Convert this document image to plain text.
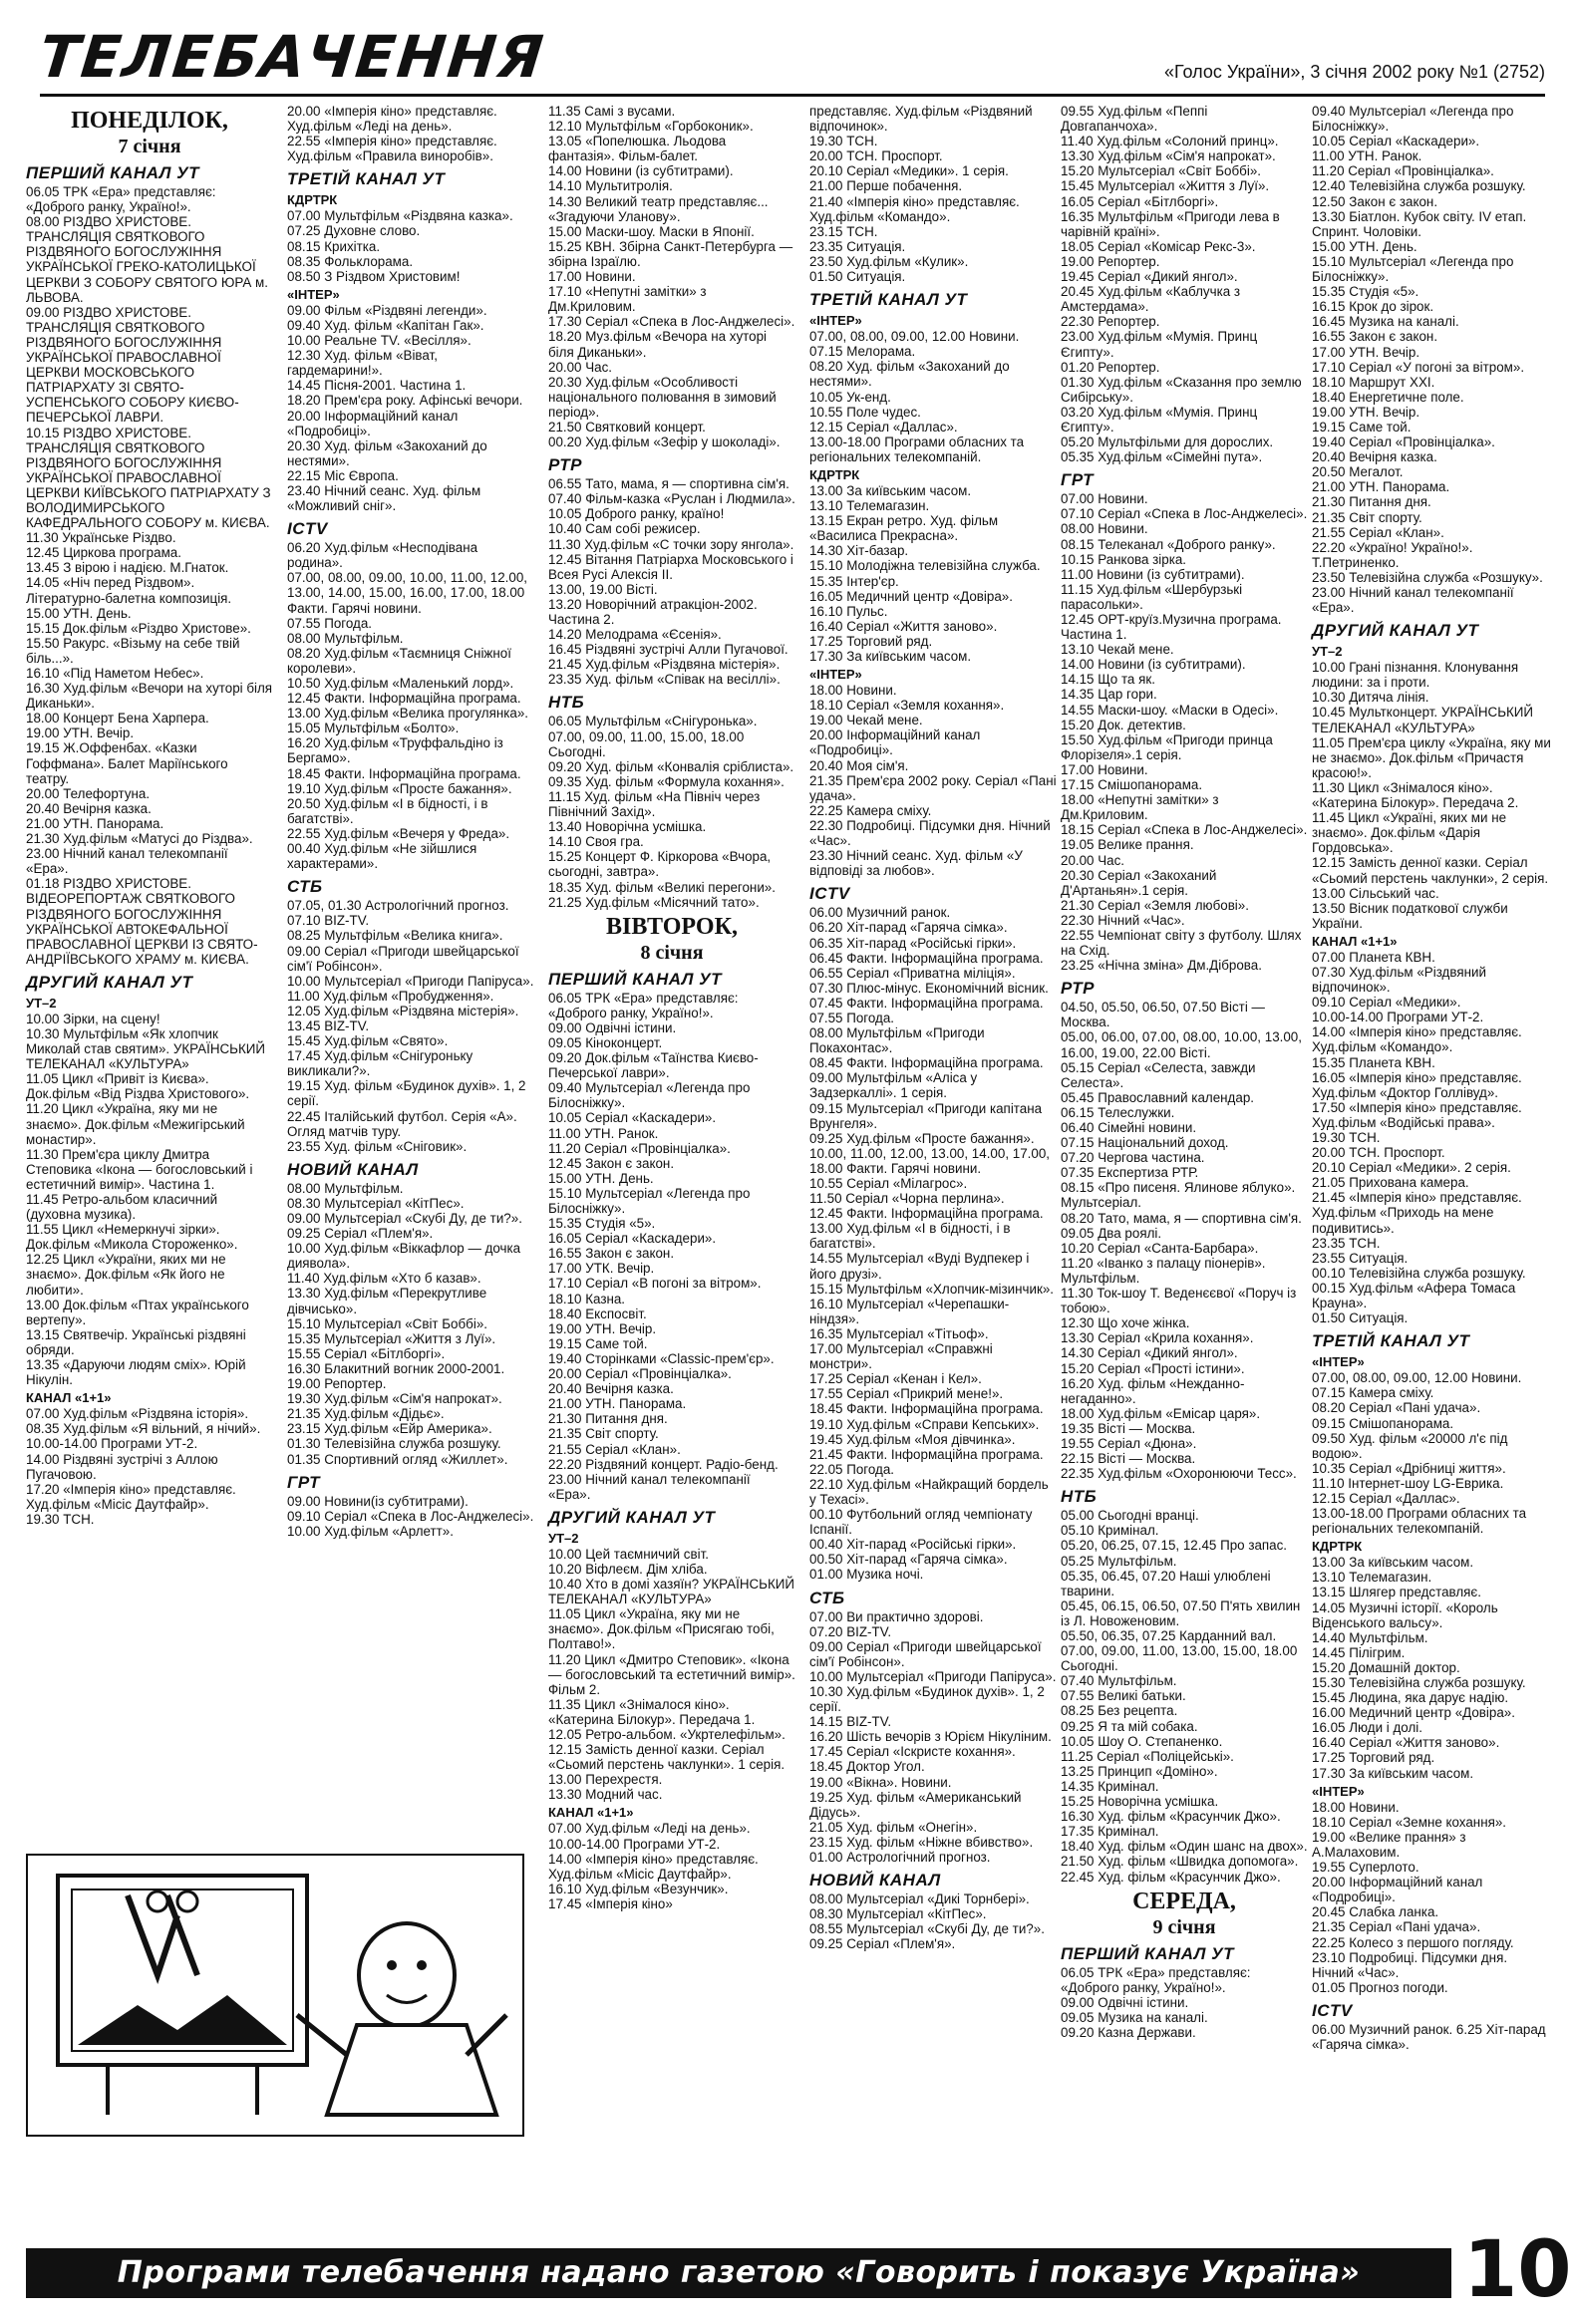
ТЕЛЕБАЧЕННЯ	«Голос України», 3 січня 2002 року №1 (2752)
ПОНЕДІЛОК,
7 січня
ПЕРШИЙ КАНАЛ УТ
06.05 ТРК «Ера» представляє: «Доброго ранку, Україно!».
08.00 РІЗДВО ХРИСТОВЕ. ТРАНСЛЯЦІЯ СВЯТКОВОГО РІЗДВЯНОГО БОГОСЛУЖІННЯ УКРАЇНСЬКОЇ ГРЕКО-КАТОЛИЦЬКОЇ ЦЕРКВИ З СОБОРУ СВЯТОГО ЮРА м. ЛЬВОВА.
09.00 РІЗДВО ХРИСТОВЕ. ТРАНСЛЯЦІЯ СВЯТКОВОГО РІЗДВЯНОГО БОГОСЛУЖІННЯ УКРАЇНСЬКОЇ ПРАВОСЛАВНОЇ ЦЕРКВИ МОСКОВСЬКОГО ПАТРІАРХАТУ ЗІ СВЯТО-УСПЕНСЬКОГО СОБОРУ КИЄВО-ПЕЧЕРСЬКОЇ ЛАВРИ.
10.15 РІЗДВО ХРИСТОВЕ. ТРАНСЛЯЦІЯ СВЯТКОВОГО РІЗДВЯНОГО БОГОСЛУЖІННЯ УКРАЇНСЬКОЇ ПРАВОСЛАВНОЇ ЦЕРКВИ КИЇВСЬКОГО ПАТРІАРХАТУ З ВОЛОДИМИРСЬКОГО КАФЕДРАЛЬНОГО СОБОРУ м. КИЄВА.
11.30 Українське Різдво.
12.45 Циркова програма.
13.45 З вірою і надією. М.Гнаток.
14.05 «Ніч перед Різдвом». Літературно-балетна композиція.
15.00 УТН. День.
15.15 Док.фільм «Різдво Христове».
15.50 Ракурс. «Візьму на себе твій біль...».
16.10 «Під Наметом Небес».
16.30 Худ.фільм «Вечори на хуторі біля Диканьки».
18.00 Концерт Бена Харпера.
19.00 УТН. Вечір.
19.15 Ж.Оффенбах. «Казки Гоффмана». Балет Маріїнського театру.
20.00 Телефортуна.
20.40 Вечірня казка.
21.00 УТН. Панорама.
21.30 Худ.фільм «Матусі до Різдва».
23.00 Нічний канал телекомпанії «Ера».
01.18 РІЗДВО ХРИСТОВЕ. ВІДЕОРЕПОРТАЖ СВЯТКОВОГО РІЗДВЯНОГО БОГОСЛУЖІННЯ УКРАЇНСЬКОЇ АВТОКЕФАЛЬНОЇ ПРАВОСЛАВНОЇ ЦЕРКВИ ІЗ СВЯТО-АНДРІЇВСЬКОГО ХРАМУ м. КИЄВА.
ДРУГИЙ КАНАЛ УТ
УТ–2
10.00 Зірки, на сцену!
10.30 Мультфільм «Як хлопчик Миколай став святим». УКРАЇНСЬКИЙ ТЕЛЕКАНАЛ «КУЛЬТУРА»
11.05 Цикл «Привіт із Києва». Док.фільм «Від Різдва Христового».
11.20 Цикл «Україна, яку ми не знаємо». Док.фільм «Межигірський монастир».
11.30 Прем'єра циклу Дмитра Степовика «Ікона — богословський і естетичний вимір». Частина 1.
11.45 Ретро-альбом класичний (духовна музика).
11.55 Цикл «Немеркнучі зірки». Док.фільм «Микола Стороженко».
12.25 Цикл «України, яких ми не знаємо». Док.фільм «Як його не любити».
13.00 Док.фільм «Птах українського вертепу».
13.15 Святвечір. Українські різдвяні обряди.
13.35 «Даруючи людям сміх». Юрій Нікулін.
КАНАЛ «1+1»
07.00 Худ.фільм «Різдвяна історія».
08.35 Худ.фільм «Я вільний, я нічий».
10.00-14.00 Програми УТ-2.
14.00 Різдвяні зустрічі з Аллою Пугачовою.
17.20 «Імперія кіно» представляє. Худ.фільм «Місіс Даутфайр».
19.30 ТСН.
20.00 «Імперія кіно» представляє. Худ.фільм «Леді на день».
22.55 «Імперія кіно» представляє. Худ.фільм «Правила виноробів».
ТРЕТІЙ КАНАЛ УТ
КДРТРК
07.00 Мультфільм «Різдвяна казка».
07.25 Духовне слово.
08.15 Крихітка.
08.35 Фольклорама.
08.50 З Різдвом Христовим!
«ІНТЕР»
09.00 Фільм «Різдвяні легенди».
09.40 Худ. фільм «Капітан Гак».
10.00 Реальне TV. «Весілля».
12.30 Худ. фільм «Віват, гардемарини!».
14.45 Пісня-2001. Частина 1.
18.20 Прем'єра року. Афінські вечори.
20.00 Інформаційний канал «Подробиці».
20.30 Худ. фільм «Закоханий до нестями».
22.15 Міс Європа.
23.40 Нічний сеанс. Худ. фільм «Можливий сніг».
ICTV
06.20 Худ.фільм «Несподівана родина».
07.00, 08.00, 09.00, 10.00, 11.00, 12.00, 13.00, 14.00, 15.00, 16.00, 17.00, 18.00 Факти. Гарячі новини.
07.55 Погода.
08.00 Мультфільм.
08.20 Худ.фільм «Таємниця Сніжної королеви».
10.50 Худ.фільм «Маленький лорд».
12.45 Факти. Інформаційна програма.
13.00 Худ.фільм «Велика прогулянка».
15.05 Мультфільм «Болто».
16.20 Худ.фільм «Труффальдіно із Бергамо».
18.45 Факти. Інформаційна програма.
19.10 Худ.фільм «Просте бажання».
20.50 Худ.фільм «І в бідності, і в багатстві».
22.55 Худ.фільм «Вечеря у Фреда».
00.40 Худ.фільм «Не зійшлися характерами».
СТБ
07.05, 01.30 Астрологічний прогноз.
07.10 BIZ-TV.
08.25 Мультфільм «Велика книга».
09.00 Серіал «Пригоди швейцарської сім'ї Робінсон».
10.00 Мультсеріал «Пригоди Папіруса».
11.00 Худ.фільм «Пробудження».
12.05 Худ.фільм «Різдвяна містерія».
13.45 BIZ-TV.
15.45 Худ.фільм «Свято».
17.45 Худ.фільм «Снігуроньку викликали?».
19.15 Худ. фільм «Будинок духів». 1, 2 серії.
22.45 Італійський футбол. Серія «А». Огляд матчів туру.
23.55 Худ. фільм «Сніговик».
НОВИЙ КАНАЛ
08.00 Мультфільм.
08.30 Мультсеріал «КітПес».
09.00 Мультсеріал «Скубі Ду, де ти?».
09.25 Серіал «Плем'я».
10.00 Худ.фільм «Віккафлор — дочка диявола».
11.40 Худ.фільм «Хто б казав».
13.30 Худ.фільм «Перекрутливе дівчисько».
15.10 Мультсеріал «Світ Боббі».
15.35 Мультсеріал «Життя з Луї».
15.55 Серіал «Бітлборгі».
16.30 Блакитний вогник 2000-2001.
19.00 Репортер.
19.30 Худ.фільм «Сім'я напрокат».
21.35 Худ.фільм «Дідьє».
23.15 Худ.фільм «Ейр Америка».
01.30 Телевізійна служба розшуку.
01.35 Спортивний огляд «Жиллет».
ГРТ
09.00 Новини(із субтитрами).
09.10 Серіал «Спека в Лос-Анджелесі».
10.00 Худ.фільм «Арлетт».
11.35 Самі з вусами.
12.10 Мультфільм «Горбоконик».
13.05 «Попелюшка. Льодова фантазія». Фільм-балет.
14.00 Новини (із субтитрами).
14.10 Мультитролія.
14.30 Великий театр представляє... «Згадуючи Уланову».
15.00 Маски-шоу. Маски в Японії.
15.25 КВН. Збірна Санкт-Петербурга — збірна Ізраїлю.
17.00 Новини.
17.10 «Непутні замітки» з Дм.Криловим.
17.30 Серіал «Спека в Лос-Анджелесі».
18.20 Муз.фільм «Вечора на хуторі біля Диканьки».
20.00 Час.
20.30 Худ.фільм «Особливості національного полювання в зимовий період».
21.50 Святковий концерт.
00.20 Худ.фільм «Зефір у шоколаді».
РТР
06.55 Тато, мама, я — спортивна сім'я.
07.40 Фільм-казка «Руслан і Людмила».
10.05 Доброго ранку, країно!
10.40 Сам собі режисер.
11.30 Худ.фільм «С точки зору янгола».
12.45 Вітання Патріарха Московського і Всея Русі Алексія II.
13.00, 19.00 Вісті.
13.20 Новорічний атракціон-2002. Частина 2.
14.20 Мелодрама «Єсенія».
16.45 Різдвяні зустрічі Алли Пугачової.
21.45 Худ.фільм «Різдвяна містерія».
23.35 Худ. фільм «Співак на весіллі».
НТБ
06.05 Мультфільм «Снігуронька».
07.00, 09.00, 11.00, 15.00, 18.00 Сьогодні.
09.20 Худ. фільм «Конвалія сріблиста».
09.35 Худ. фільм «Формула кохання».
11.15 Худ. фільм «На Північ через Північний Захід».
13.40 Новорічна усмішка.
14.10 Своя гра.
15.25 Концерт Ф. Кіркорова «Вчора, сьогодні, завтра».
18.35 Худ. фільм «Великі перегони».
21.25 Худ.фільм «Місячний тато».
ВІВТОРОК,
8 січня
ПЕРШИЙ КАНАЛ УТ
06.05 ТРК «Ера» представляє: «Доброго ранку, Україно!».
09.00 Одвічні істини.
09.05 Кіноконцерт.
09.20 Док.фільм «Таїнства Києво-Печерської лаври».
09.40 Мультсеріал «Легенда про Білосніжку».
10.05 Серіал «Каскадери».
11.00 УТН. Ранок.
11.20 Серіал «Провінціалка».
12.45 Закон є закон.
15.00 УТН. День.
15.10 Мультсеріал «Легенда про Білосніжку».
15.35 Студія «5».
16.05 Серіал «Каскадери».
16.55 Закон є закон.
17.00 УТК. Вечір.
17.10 Серіал «В погоні за вітром».
18.10 Казна.
18.40 Експосвіт.
19.00 УТН. Вечір.
19.15 Саме той.
19.40 Сторінками «Classic-прем'єр».
20.00 Серіал «Провінціалка».
20.40 Вечірня казка.
21.00 УТН. Панорама.
21.30 Питання дня.
21.35 Світ спорту.
21.55 Серіал «Клан».
22.20 Різдвяний концерт. Радіо-бенд.
23.00 Нічний канал телекомпанії «Ера».
ДРУГИЙ КАНАЛ УТ
УТ–2
10.00 Цей таємничий світ.
10.20 Віфлеєм. Дім хліба.
10.40 Хто в домі хазяїн? УКРАЇНСЬКИЙ ТЕЛЕКАНАЛ «КУЛЬТУРА»
11.05 Цикл «Україна, яку ми не знаємо». Док.фільм «Присягаю тобі, Полтаво!».
11.20 Цикл «Дмитро Степовик». «Ікона — богословський та естетичний вимір». Фільм 2.
11.35 Цикл «Знімалося кіно». «Катерина Білокур». Передача 1.
12.05 Ретро-альбом. «Укртелефільм».
12.15 Замість денної казки. Серіал «Сьомий перстень чаклунки». 1 серія.
13.00 Перехрестя.
13.30 Модний час.
КАНАЛ «1+1»
07.00 Худ.фільм «Леді на день».
10.00-14.00 Програми УТ-2.
14.00 «Імперія кіно» представляє. Худ.фільм «Місіс Даутфайр».
16.10 Худ.фільм «Везунчик».
17.45 «Імперія кіно»
представляє. Худ.фільм «Різдвяний відпочинок».
19.30 ТСН.
20.00 ТСН. Проспорт.
20.10 Серіал «Медики». 1 серія.
21.00 Перше побачення.
21.40 «Імперія кіно» представляє. Худ.фільм «Командо».
23.15 ТСН.
23.35 Ситуація.
23.50 Худ.фільм «Кулик».
01.50 Ситуація.
ТРЕТІЙ КАНАЛ УТ
«ІНТЕР»
07.00, 08.00, 09.00, 12.00 Новини.
07.15 Мелорама.
08.20 Худ. фільм «Закоханий до нестями».
10.05 Ук-енд.
10.55 Поле чудес.
12.15 Серіал «Даллас».
13.00-18.00 Програми обласних та регіональних телекомпаній.
КДРТРК
13.00 За київським часом.
13.10 Телемагазин.
13.15 Екран ретро. Худ. фільм «Василиса Прекрасна».
14.30 Хіт-базар.
15.10 Молодіжна телевізійна служба.
15.35 Інтер'єр.
16.05 Медичний центр «Довіра».
16.10 Пульс.
16.40 Серіал «Життя заново».
17.25 Торговий ряд.
17.30 За київським часом.
«ІНТЕР»
18.00 Новини.
18.10 Серіал «Земля кохання».
19.00 Чекай мене.
20.00 Інформаційний канал «Подробиці».
20.40 Моя сім'я.
21.35 Прем'єра 2002 року. Серіал «Пані удача».
22.25 Камера сміху.
22.30 Подробиці. Підсумки дня. Нічний «Час».
23.30 Нічний сеанс. Худ. фільм «У відповіді за любов».
ICTV
06.00 Музичний ранок.
06.20 Хіт-парад «Гаряча сімка».
06.35 Хіт-парад «Російські гірки».
06.45 Факти. Інформаційна програма.
06.55 Серіал «Приватна міліція».
07.30 Плюс-мінус. Економічний вісник.
07.45 Факти. Інформаційна програма.
07.55 Погода.
08.00 Мультфільм «Пригоди Покахонтас».
08.45 Факти. Інформаційна програма.
09.00 Мультфільм «Аліса у Задзеркаллі». 1 серія.
09.15 Мультсеріал «Пригоди капітана Врунгеля».
09.25 Худ.фільм «Просте бажання».
10.00, 11.00, 12.00, 13.00, 14.00, 17.00, 18.00 Факти. Гарячі новини.
10.55 Серіал «Мілагрос».
11.50 Серіал «Чорна перлина».
12.45 Факти. Інформаційна програма.
13.00 Худ.фільм «І в бідності, і в багатстві».
14.55 Мультсеріал «Вуді Вудпекер і його друзі».
15.15 Мультфільм «Хлопчик-мізинчик».
16.10 Мультсеріал «Черепашки-ніндзя».
16.35 Мультсеріал «Тітьоф».
17.00 Мультсеріал «Справжні монстри».
17.25 Серіал «Кенан і Кел».
17.55 Серіал «Прикрий мене!».
18.45 Факти. Інформаційна програма.
19.10 Худ.фільм «Справи Кепських».
19.45 Худ.фільм «Моя дівчинка».
21.45 Факти. Інформаційна програма.
22.05 Погода.
22.10 Худ.фільм «Найкращий бордель у Техасі».
00.10 Футбольний огляд чемпіонату Іспанії.
00.40 Хіт-парад «Російські гірки».
00.50 Хіт-парад «Гаряча сімка».
01.00 Музика ночі.
СТБ
07.00 Ви практично здорові.
07.20 BIZ-TV.
09.00 Серіал «Пригоди швейцарської сім'ї Робінсон».
10.00 Мультсеріал «Пригоди Папіруса».
10.30 Худ.фільм «Будинок духів». 1, 2 серії.
14.15 BIZ-TV.
16.20 Шість вечорів з Юрієм Нікуліним.
17.45 Серіал «Іскристе кохання».
18.45 Доктор Угол.
19.00 «Вікна». Новини.
19.25 Худ. фільм «Американський Дідусь».
21.05 Худ. фільм «Онегін».
23.15 Худ. фільм «Ніжне вбивство».
01.00 Астрологічний прогноз.
НОВИЙ КАНАЛ
08.00 Мультсеріал «Дикі Торнбері».
08.30 Мультсеріал «КітПес».
08.55 Мультсеріал «Скубі Ду, де ти?».
09.25 Серіал «Плем'я».
09.55 Худ.фільм «Пеппі Довгапанчоха».
11.40 Худ.фільм «Солоний принц».
13.30 Худ.фільм «Сім'я напрокат».
15.20 Мультсеріал «Світ Боббі».
15.45 Мультсеріал «Життя з Луї».
16.05 Серіал «Бітлборгі».
16.35 Мультфільм «Пригоди лева в чарівній країні».
18.05 Серіал «Комісар Рекс-3».
19.00 Репортер.
19.45 Серіал «Дикий янгол».
20.45 Худ.фільм «Каблучка з Амстердама».
22.30 Репортер.
23.00 Худ.фільм «Мумія. Принц Єгипту».
01.20 Репортер.
01.30 Худ.фільм «Сказання про землю Сибірську».
03.20 Худ.фільм «Мумія. Принц Єгипту».
05.20 Мультфільми для дорослих.
05.35 Худ.фільм «Сімейні пута».
ГРТ
07.00 Новини.
07.10 Серіал «Спека в Лос-Анджелесі».
08.00 Новини.
08.15 Телеканал «Доброго ранку».
10.15 Ранкова зірка.
11.00 Новини (із субтитрами).
11.15 Худ.фільм «Шербурзькі парасольки».
12.45 ОРТ-круїз.Музична програма. Частина 1.
13.10 Чекай мене.
14.00 Новини (із субтитрами).
14.15 Що та як.
14.35 Цар гори.
14.55 Маски-шоу. «Маски в Одесі».
15.20 Док. детектив.
15.50 Худ.фільм «Пригоди принца Флорізеля».1 серія.
17.00 Новини.
17.15 Смішопанорама.
18.00 «Непутні замітки» з Дм.Криловим.
18.15 Серіал «Спека в Лос-Анджелесі».
19.05 Велике прання.
20.00 Час.
20.30 Серіал «Закоханий Д'Артаньян».1 серія.
21.30 Серіал «Земля любові».
22.30 Нічний «Час».
22.55 Чемпіонат світу з футболу. Шлях на Схід.
23.25 «Нічна зміна» Дм.Діброва.
РТР
04.50, 05.50, 06.50, 07.50 Вісті — Москва.
05.00, 06.00, 07.00, 08.00, 10.00, 13.00, 16.00, 19.00, 22.00 Вісті.
05.15 Серіал «Селеста, завжди Селеста».
05.45 Православний календар.
06.15 Телеслужки.
06.40 Сімейні новини.
07.15 Національний доход.
07.20 Чергова частина.
07.35 Експертиза РТР.
08.15 «Про писеня. Ялинове яблуко». Мультсеріал.
08.20 Тато, мама, я — спортивна сім'я.
09.05 Два роялі.
10.20 Серіал «Санта-Барбара».
11.20 «Іванко з палацу піонерів». Мультфільм.
11.30 Ток-шоу Т. Веденєєвої «Поруч із тобою».
12.30 Що хоче жінка.
13.30 Серіал «Крила кохання».
14.30 Серіал «Дикий янгол».
15.20 Серіал «Прості істини».
16.20 Худ. фільм «Нежданно-негаданно».
18.00 Худ.фільм «Емісар царя».
19.35 Вісті — Москва.
19.55 Серіал «Дюна».
22.15 Вісті — Москва.
22.35 Худ.фільм «Охоронюючи Тесс».
НТБ
05.00 Сьогодні вранці.
05.10 Кримінал.
05.20, 06.25, 07.15, 12.45 Про запас.
05.25 Мультфільм.
05.35, 06.45, 07.20 Наші улюблені тварини.
05.45, 06.15, 06.50, 07.50 П'ять хвилин із Л. Новоженовим.
05.50, 06.35, 07.25 Карданний вал.
07.00, 09.00, 11.00, 13.00, 15.00, 18.00 Сьогодні.
07.40 Мультфільм.
07.55 Великі батьки.
08.25 Без рецепта.
09.25 Я та мій собака.
10.05 Шоу О. Степаненко.
11.25 Серіал «Поліцейські».
13.25 Принцип «Доміно».
14.35 Кримінал.
15.25 Новорічна усмішка.
16.30 Худ. фільм «Красунчик Джо».
17.35 Кримінал.
18.40 Худ. фільм «Один шанс на двох».
21.50 Худ. фільм «Швидка допомога».
22.45 Худ. фільм «Красунчик Джо».
СЕРЕДА,
9 січня
ПЕРШИЙ КАНАЛ УТ
06.05 ТРК «Ера» представляє: «Доброго ранку, Україно!».
09.00 Одвічні істини.
09.05 Музика на каналі.
09.20 Казна Держави.
09.40 Мультсеріал «Легенда про Білосніжку».
10.05 Серіал «Каскадери».
11.00 УТН. Ранок.
11.20 Серіал «Провінціалка».
12.40 Телевізійна служба розшуку.
12.50 Закон є закон.
13.30 Біатлон. Кубок світу. IV етап. Спринт. Чоловіки.
15.00 УТН. День.
15.10 Мультсеріал «Легенда про Білосніжку».
15.35 Студія «5».
16.15 Крок до зірок.
16.45 Музика на каналі.
16.55 Закон є закон.
17.00 УТН. Вечір.
17.10 Серіал «У погоні за вітром».
18.10 Маршрут XXI.
18.40 Енергетичне поле.
19.00 УТН. Вечір.
19.15 Саме той.
19.40 Серіал «Провінціалка».
20.40 Вечірня казка.
20.50 Мегалот.
21.00 УТН. Панорама.
21.30 Питання дня.
21.35 Світ спорту.
21.55 Серіал «Клан».
22.20 «Україно! Україно!». Т.Петриненко.
23.50 Телевізійна служба «Розшуку».
23.00 Нічний канал телекомпанії «Ера».
ДРУГИЙ КАНАЛ УТ
УТ–2
10.00 Грані пізнання. Клонування людини: за і проти.
10.30 Дитяча лінія.
10.45 Мультконцерт. УКРАЇНСЬКИЙ ТЕЛЕКАНАЛ «КУЛЬТУРА»
11.05 Прем'єра циклу «Україна, яку ми не знаємо». Док.фільм «Причастя красою!».
11.30 Цикл «Знімалося кіно». «Катерина Білокур». Передача 2.
11.45 Цикл «Україні, яких ми не знаємо». Док.фільм «Дарія Гордовська».
12.15 Замість денної казки. Серіал «Сьомий перстень чаклунки», 2 серія.
13.00 Сільський час.
13.50 Вісник податкової служби України.
КАНАЛ «1+1»
07.00 Планета КВН.
07.30 Худ.фільм «Різдвяний відпочинок».
09.10 Серіал «Медики».
10.00-14.00 Програми УТ-2.
14.00 «Імперія кіно» представляє. Худ.фільм «Командо».
15.35 Планета КВН.
16.05 «Імперія кіно» представляє. Худ.фільм «Доктор Голлівуд».
17.50 «Імперія кіно» представляє. Худ.фільм «Водійські права».
19.30 ТСН.
20.00 ТСН. Проспорт.
20.10 Серіал «Медики». 2 серія.
21.05 Прихована камера.
21.45 «Імперія кіно» представляє. Худ.фільм «Приходь на мене подивитись».
23.35 ТСН.
23.55 Ситуація.
00.10 Телевізійна служба розшуку.
00.15 Худ.фільм «Афера Томаса Крауна».
01.50 Ситуація.
ТРЕТІЙ КАНАЛ УТ
«ІНТЕР»
07.00, 08.00, 09.00, 12.00 Новини.
07.15 Камера сміху.
08.20 Серіал «Пані удача».
09.15 Смішопанорама.
09.50 Худ. фільм «20000 л'є під водою».
10.35 Серіал «Дрібниці життя».
11.10 Інтернет-шоу LG-Еврика.
12.15 Серіал «Даллас».
13.00-18.00 Програми обласних та регіональних телекомпаній.
КДРТРК
13.00 За київським часом.
13.10 Телемагазин.
13.15 Шлягер представляє.
14.05 Музичні історії. «Король Віденського вальсу».
14.40 Мультфільм.
14.45 Пілігрим.
15.20 Домашній доктор.
15.30 Телевізійна служба розшуку.
15.45 Людина, яка дарує надію.
16.00 Медичний центр «Довіра».
16.05 Люди і долі.
16.40 Серіал «Життя заново».
17.25 Торговий ряд.
17.30 За київським часом.
«ІНТЕР»
18.00 Новини.
18.10 Серіал «Земне кохання».
19.00 «Велике прання» з А.Малаховим.
19.55 Суперлото.
20.00 Інформаційний канал «Подробиці».
20.45 Слабка ланка.
21.35 Серіал «Пані удача».
22.25 Колесо з першого погляду.
23.10 Подробиці. Підсумки дня. Нічний «Час».
01.05 Прогноз погоди.
ICTV
06.00 Музичний ранок. 6.25 Хіт-парад «Гаряча сімка».
Програми телебачення надано газетою «Говорить і показує Україна»	10
